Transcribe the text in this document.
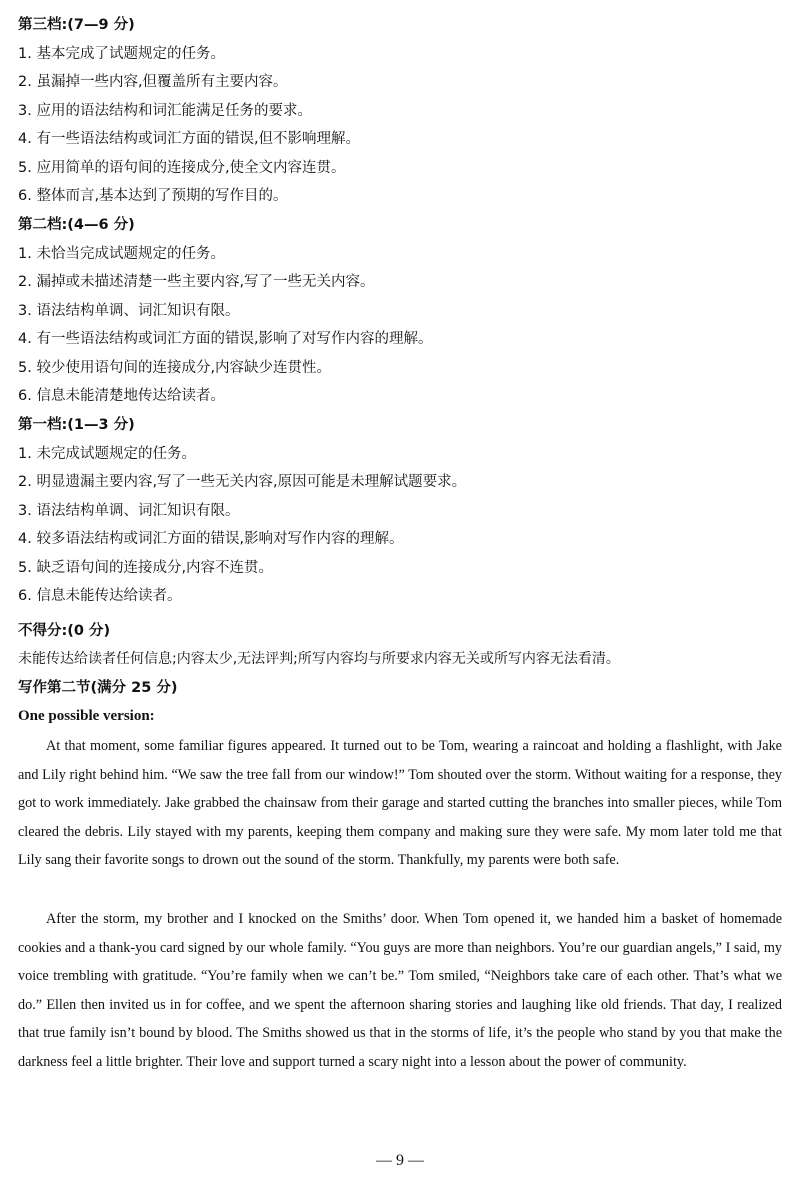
第三档:(7—9 分)
1. 基本完成了试题规定的任务。
2. 虽漏掉一些内容,但覆盖所有主要内容。
3. 应用的语法结构和词汇能满足任务的要求。
4. 有一些语法结构或词汇方面的错误,但不影响理解。
5. 应用简单的语句间的连接成分,使全文内容连贯。
6. 整体而言,基本达到了预期的写作目的。
第二档:(4—6 分)
1. 未恰当完成试题规定的任务。
2. 漏掉或未描述清楚一些主要内容,写了一些无关内容。
3. 语法结构单调、词汇知识有限。
4. 有一些语法结构或词汇方面的错误,影响了对写作内容的理解。
5. 较少使用语句间的连接成分,内容缺少连贯性。
6. 信息未能清楚地传达给读者。
第一档:(1—3 分)
1. 未完成试题规定的任务。
2. 明显遗漏主要内容,写了一些无关内容,原因可能是未理解试题要求。
3. 语法结构单调、词汇知识有限。
4. 较多语法结构或词汇方面的错误,影响对写作内容的理解。
5. 缺乏语句间的连接成分,内容不连贯。
6. 信息未能传达给读者。
不得分:(0 分)
未能传达给读者任何信息;内容太少,无法评判;所写内容均与所要求内容无关或所写内容无法看清。
写作第二节(满分 25 分)
One possible version:

At that moment, some familiar figures appeared. It turned out to be Tom, wearing a raincoat and holding a flashlight, with Jake and Lily right behind him. “We saw the tree fall from our window!” Tom shouted over the storm. Without waiting for a response, they got to work immediately. Jake grabbed the chainsaw from their garage and started cutting the branches into smaller pieces, while Tom cleared the debris. Lily stayed with my parents, keeping them company and making sure they were safe. My mom later told me that Lily sang their favorite songs to drown out the sound of the storm. Thankfully, my parents were both safe.

After the storm, my brother and I knocked on the Smiths’ door. When Tom opened it, we handed him a basket of homemade cookies and a thank-you card signed by our whole family. “You guys are more than neighbors. You’re our guardian angels,” I said, my voice trembling with gratitude. “You’re family when we can’t be.” Tom smiled, “Neighbors take care of each other. That’s what we do.” Ellen then invited us in for coffee, and we spent the afternoon sharing stories and laughing like old friends. That day, I realized that true family isn’t bound by blood. The Smiths showed us that in the storms of life, it’s the people who stand by you that make the darkness feel a little brighter. Their love and support turned a scary night into a lesson about the power of community.

— 9 —
